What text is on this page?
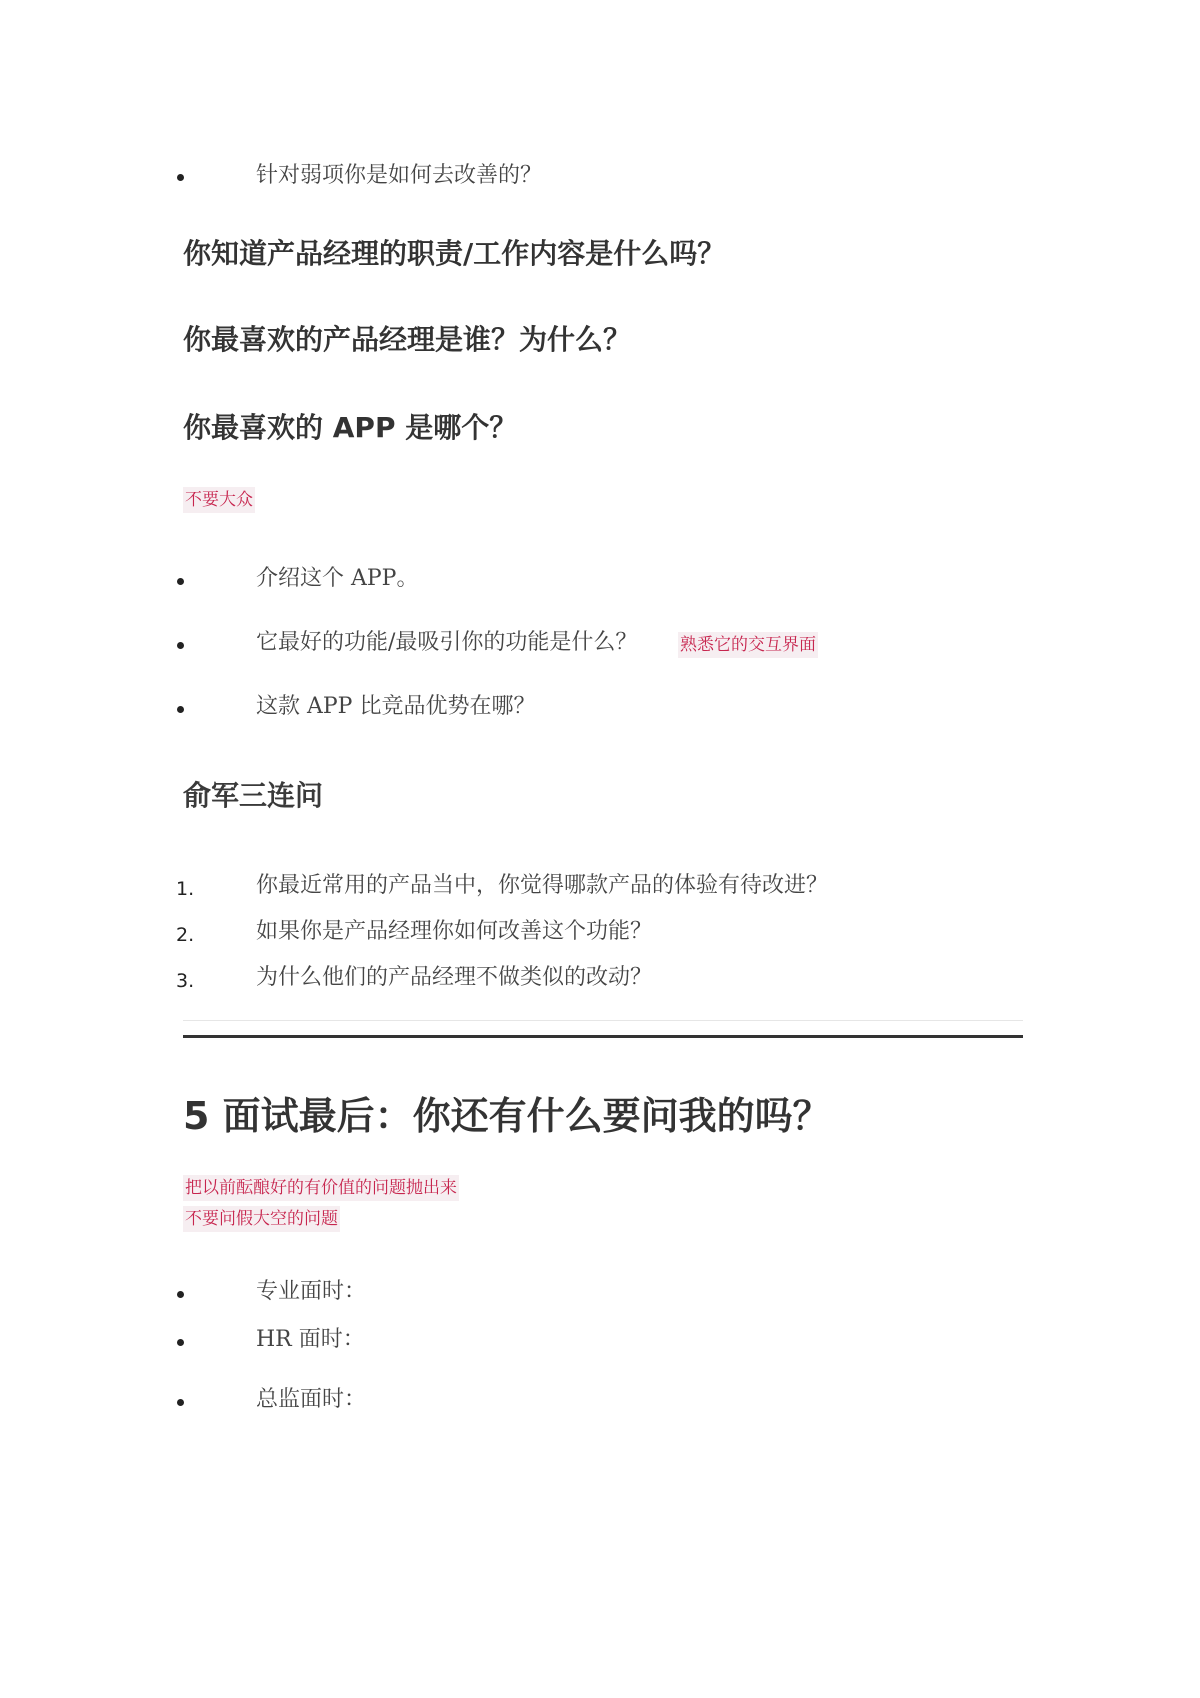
针对弱项你是如何去改善的？
你知道产品经理的职责/工作内容是什么吗？
你最喜欢的产品经理是谁？为什么？
你最喜欢的 APP 是哪个？
不要大众
介绍这个 APP。
它最好的功能/最吸引你的功能是什么？	熟悉它的交互界面
这款 APP 比竞品优势在哪？
俞军三连问
1.	你最近常用的产品当中，你觉得哪款产品的体验有待改进？
2.	如果你是产品经理你如何改善这个功能？
3.	为什么他们的产品经理不做类似的改动？
5 面试最后：你还有什么要问我的吗？
把以前酝酿好的有价值的问题抛出来
不要问假大空的问题
专业面时：
HR 面时：
总监面时：
